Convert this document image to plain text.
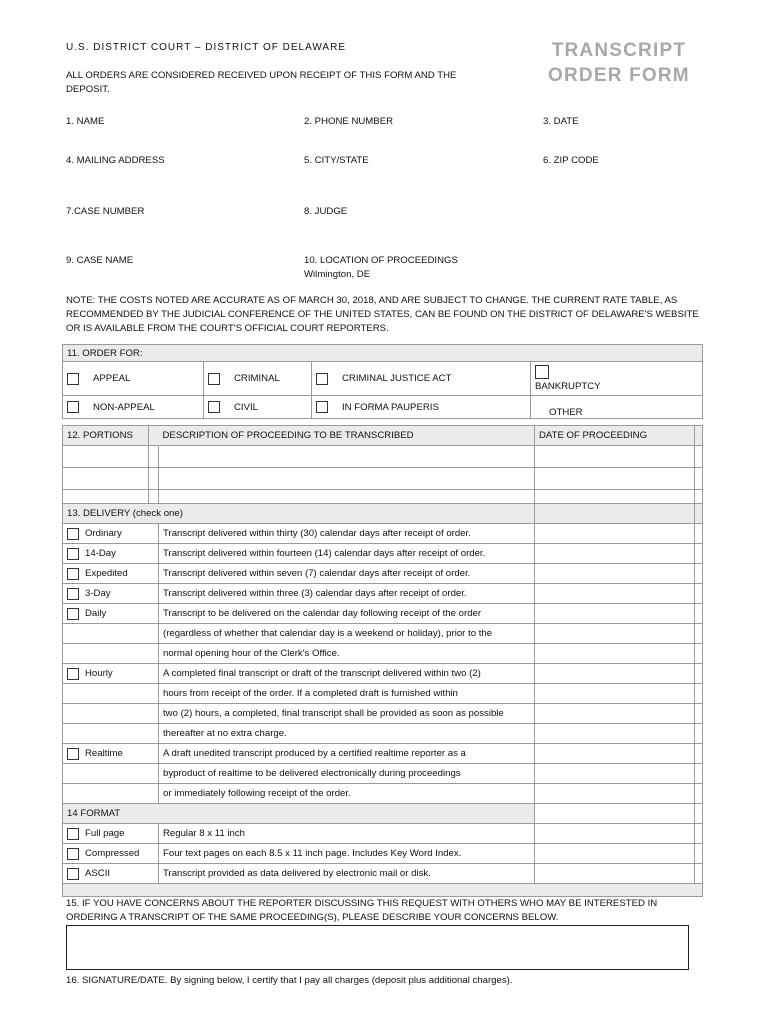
U.S. DISTRICT COURT – DISTRICT OF DELAWARE
ALL ORDERS ARE CONSIDERED RECEIVED UPON RECEIPT OF THIS FORM AND THE DEPOSIT.
TRANSCRIPT
ORDER FORM
1. NAME	2. PHONE NUMBER	3. DATE
4. MAILING ADDRESS	5. CITY/STATE	6. ZIP CODE
7.CASE NUMBER	8. JUDGE
9. CASE NAME	10. LOCATION OF PROCEEDINGS
Wilmington, DE
NOTE: THE COSTS NOTED ARE ACCURATE AS OF MARCH 30, 2018, AND ARE SUBJECT TO CHANGE. THE CURRENT RATE TABLE, AS RECOMMENDED BY THE JUDICIAL CONFERENCE OF THE UNITED STATES, CAN BE FOUND ON THE DISTRICT OF DELAWARE'S WEBSITE OR IS AVAILABLE FROM THE COURT'S OFFICIAL COURT REPORTERS.
11. ORDER FOR:			

APPEAL	CRIMINAL	CRIMINAL JUSTICE ACT	BANKRUPTCY

NON-APPEAL	CIVIL	IN FORMA PAUPERIS	OTHER
12. PORTIONS		DESCRIPTION OF PROCEEDING TO BE TRANSCRIBED	DATE OF PROCEEDING	

13. DELIVERY (check one)			

Ordinary	Transcript delivered within thirty (30) calendar days after receipt of order.		

14-Day	Transcript delivered within fourteen (14) calendar days after receipt of order.		

Expedited	Transcript delivered within seven (7) calendar days after receipt of order.		

3-Day	Transcript delivered within three (3) calendar days after receipt of order.		

Daily	Transcript to be delivered on the calendar day following receipt of the order		
	(regardless of whether that calendar day is a weekend or holiday), prior to the		
	normal opening hour of the Clerk's Office.		

Hourly	A completed final transcript or draft of the transcript delivered within two (2)		
	hours from receipt of the order. If a completed draft is furnished within		
	two (2) hours, a completed, final transcript shall be provided as soon as possible		
	thereafter at no extra charge.		

Realtime	A draft unedited transcript produced by a certified realtime reporter as a		
	byproduct of realtime to be delivered electronically during proceedings		
	or immediately following receipt of the order.		
14 FORMAT			

Full page	Regular 8 x 11 inch		

Compressed	Four text pages on each 8.5 x 11 inch page. Includes Key Word Index.		

ASCII	Transcript provided as data delivered by electronic mail or disk.		

15. IF YOU HAVE CONCERNS ABOUT THE REPORTER DISCUSSING THIS REQUEST WITH OTHERS WHO MAY BE INTERESTED IN ORDERING A TRANSCRIPT OF THE SAME PROCEEDING(S), PLEASE DESCRIBE YOUR CONCERNS BELOW.
16. SIGNATURE/DATE. By signing below, I certify that I pay all charges (deposit plus additional charges).
